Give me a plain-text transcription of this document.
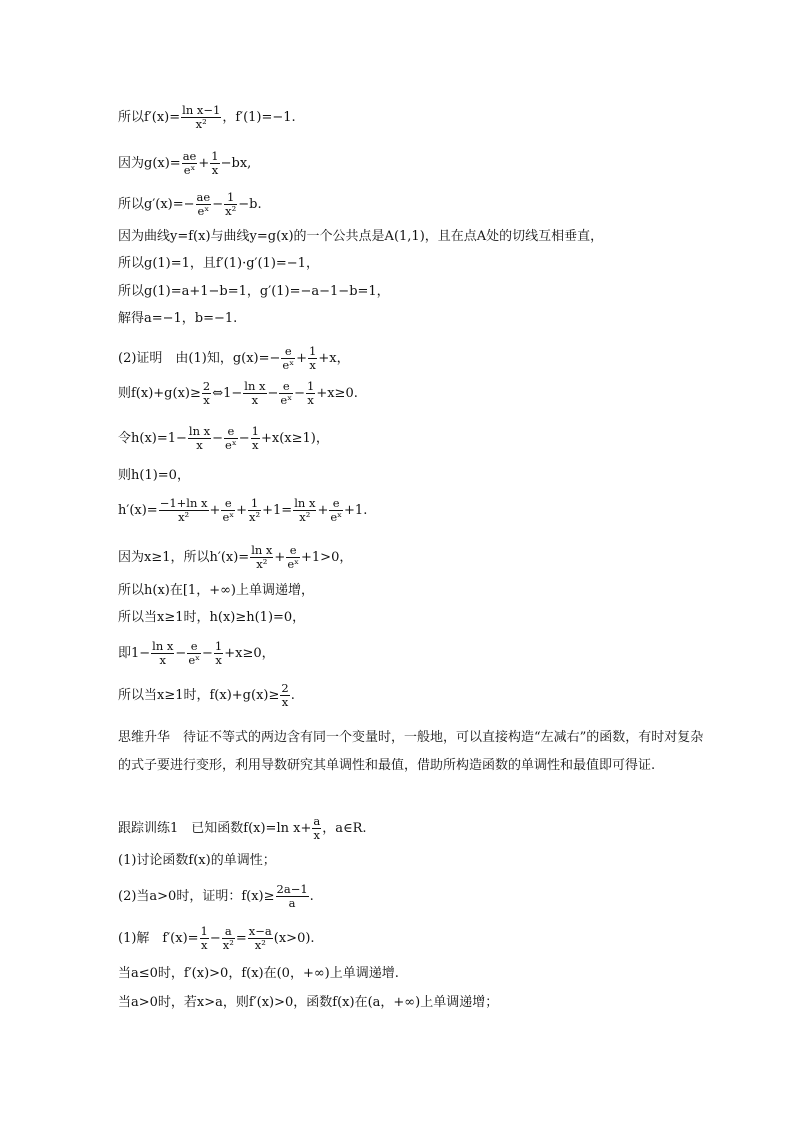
所以$f'(x)= \frac{\text{ln x−1}}{\text{x²}}$ ，f′(1)=−1.
因为$g(x)= \frac{ae}{\text{eˣ}} + \frac{1}{x} -bx$,
所以$g'(x)=- \frac{ae}{\text{eˣ}} - \frac{1}{\text{x²}} -b$.
因为曲线y=f(x)与曲线y=g(x)的一个公共点是A(1,1)，且在点A处的切线互相垂直，
所以g(1)=1，且f′(1)·g′(1)=−1，
所以g(1)=a+1−b=1，g′(1)=−a−1−b=1，
解得a=−1，b=−1.
(2)证明　由(1)知，$g(x)=- \frac{e}{\text{eˣ}} + \frac{1}{x} +x$，
则$f(x)+g(x)\ge \frac{2}{x}$ ⇔1− $\frac{\text{ln x}}{x} - \frac{e}{\text{eˣ}} - \frac{1}{x} +x\ge 0$.
令$h(x)=1- \frac{\text{ln x}}{x} - \frac{e}{\text{eˣ}} - \frac{1}{x} +x(x\ge 1)$，
则h(1)=0，
$h'(x)= \frac{\text{−1+ln x}}{\text{x²}} + \frac{e}{\text{eˣ}} + \frac{1}{\text{x²}} +1= \frac{\text{ln x}}{\text{x²}} + \frac{e}{\text{eˣ}} +1$.
因为x≥1，所以$h'(x)= \frac{\text{ln x}}{\text{x²}} + \frac{e}{\text{eˣ}} +1>0$，
所以h(x)在[1，+∞)上单调递增，
所以当x≥1时，h(x)≥h(1)=0，
即$1- \frac{\text{ln x}}{x} - \frac{e}{\text{eˣ}} - \frac{1}{x} +x\ge 0$，
所以当x≥1时，$f(x)+g(x)\ge \frac{2}{x}$ .
思维升华　待证不等式的两边含有同一个变量时，一般地，可以直接构造“左减右”的函数，有时对复杂的式子要进行变形，利用导数研究其单调性和最值，借助所构造函数的单调性和最值即可得证.
跟踪训练1　已知函数f(x)=ln $x+ \frac{a}{x}$ ，a∈R.
(1)讨论函数f(x)的单调性；
(2)当a>0时，证明：$f(x)\ge \frac{2a-1}{a}$ .
(1)解　$f'(x)= \frac{1}{x} - \frac{a}{\text{x²}} = \frac{x-a}{\text{x²}} (x>0)$.
当a≤0时，f′(x)>0，f(x)在(0，+∞)上单调递增.
当a>0时，若x>a，则f′(x)>0，函数f(x)在(a，+∞)上单调递增；
